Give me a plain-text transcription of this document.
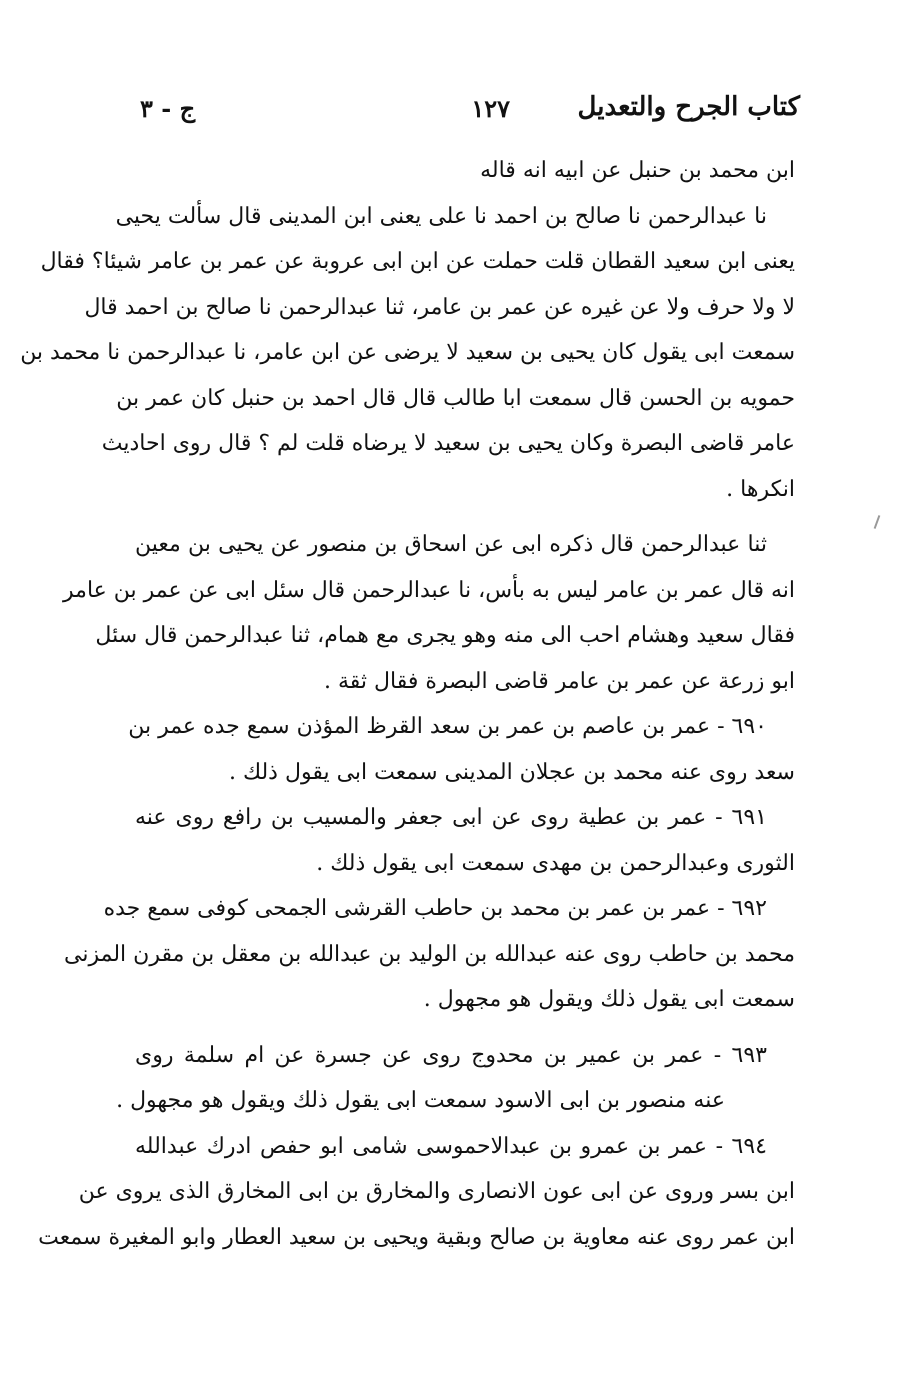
كتاب الجرح والتعديل
١٢٧
ج - ٣
ابن محمد بن حنبل عن ابيه انه قاله
نا عبدالرحمن نا صالح بن احمد نا على يعنى ابن المدينى قال سألت يحيى
يعنى ابن سعيد القطان قلت حملت عن ابن ابى عروبة عن عمر بن عامر شيئا؟ فقال
لا ولا حرف ولا عن غيره عن عمر بن عامر، ثنا عبدالرحمن نا صالح بن احمد قال
سمعت ابى يقول كان يحيى بن سعيد لا يرضى عن ابن عامر، نا عبدالرحمن نا محمد بن
حمويه بن الحسن قال سمعت ابا طالب قال قال احمد بن حنبل كان عمر بن
عامر قاضى البصرة وكان يحيى بن سعيد لا يرضاه قلت لم ؟ قال روى احاديث
انكرها .
ثنا عبدالرحمن قال ذكره ابى عن اسحاق بن منصور عن يحيى بن معين
انه قال عمر بن عامر ليس به بأس، نا عبدالرحمن قال سئل ابى عن عمر بن عامر
فقال سعيد وهشام احب الى منه وهو يجرى مع همام، ثنا عبدالرحمن قال سئل
ابو زرعة عن عمر بن عامر قاضى البصرة فقال ثقة .
٦٩٠ - عمر بن عاصم بن عمر بن سعد القرظ المؤذن سمع جده عمر بن
سعد روى عنه محمد بن عجلان المدينى سمعت ابى يقول ذلك .
٦٩١ - عمر بن عطية روى عن ابى جعفر والمسيب بن رافع روى عنه
الثورى وعبدالرحمن بن مهدى سمعت ابى يقول ذلك .
٦٩٢ - عمر بن عمر بن محمد بن حاطب القرشى الجمحى كوفى سمع جده
محمد بن حاطب روى عنه عبدالله بن الوليد بن عبدالله بن معقل بن مقرن المزنى
سمعت ابى يقول ذلك ويقول هو مجهول .
٦٩٣ - عمر بن عمير بن محدوج روى عن جسرة عن ام سلمة روى
عنه منصور بن ابى الاسود سمعت ابى يقول ذلك ويقول هو مجهول .
٦٩٤ - عمر بن عمرو بن عبدالاحموسى شامى ابو حفص ادرك عبدالله
ابن بسر وروى عن ابى عون الانصارى والمخارق بن ابى المخارق الذى يروى عن
ابن عمر روى عنه معاوية بن صالح وبقية ويحيى بن سعيد العطار وابو المغيرة سمعت
